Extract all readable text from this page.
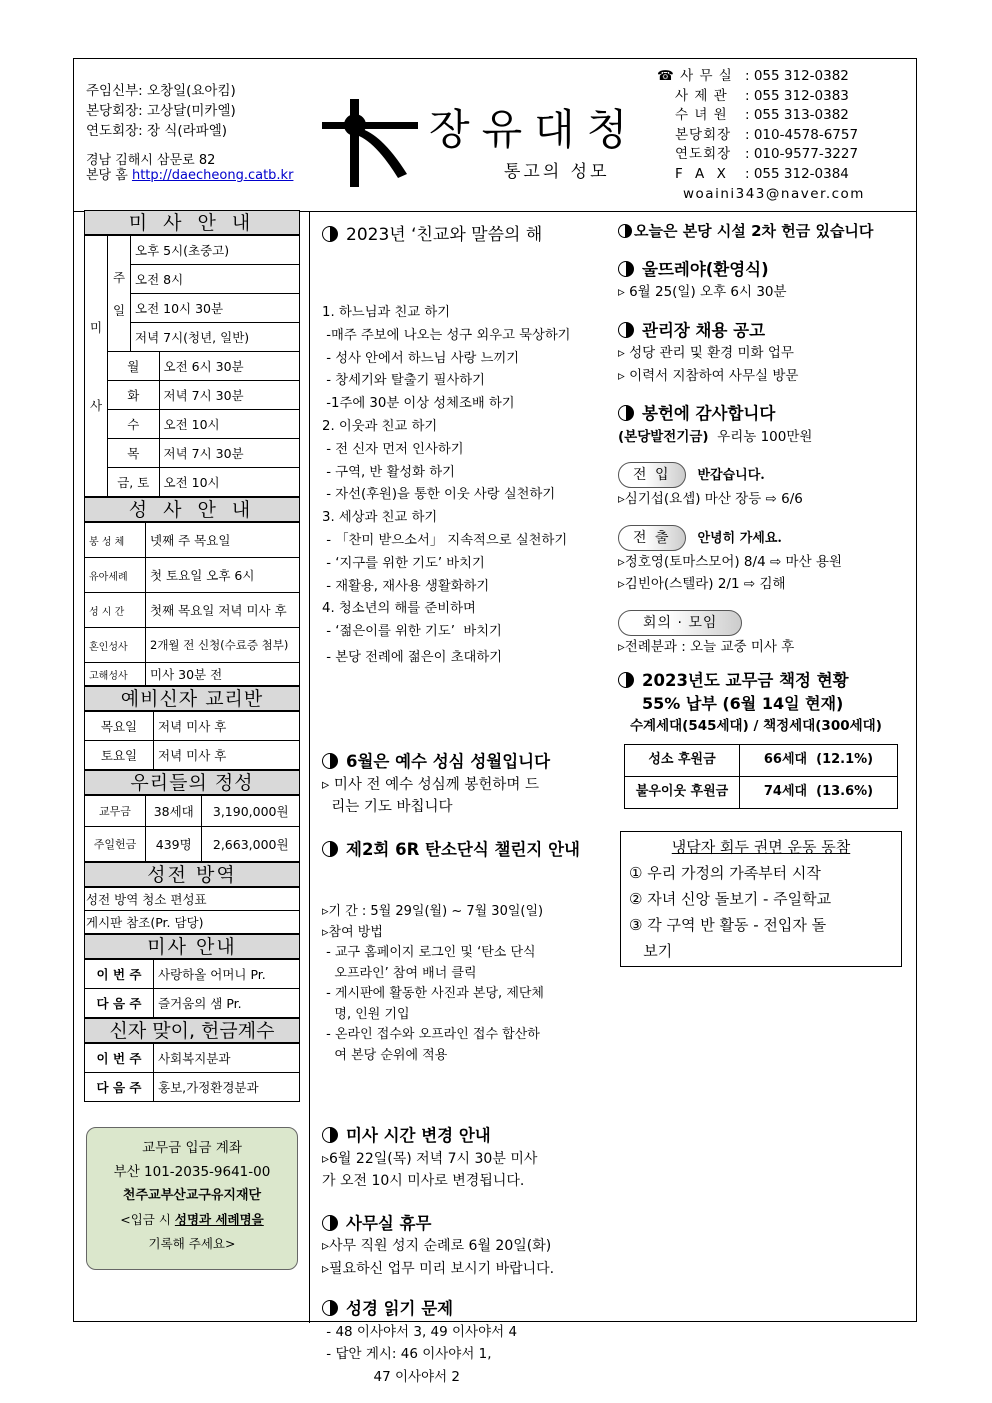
주임신부: 오창일(요아킴)
본당회장: 고상달(미카엘)
연도회장: 장 식(라파엘)
경남 김해시 삼문로 82
본당 홈 http://daecheong.catb.kr
장유대청
통고의 성모
☎ 사 무 실 : 055 312-0382
사 제 관	: 055 312-0383
수 녀 원	: 055 313-0382
본당회장	: 010-4578-6757
연도회장	: 010-9577-3227
F A X	: 055 312-0384
woaini343@naver.com
미 사 안 내
미

사	주

일	오후 5시(초중고)	
		오전 8시	
		오전 10시 30분	
		저녁 7시(청년, 일반)	
	월		오전 6시 30분
	화		저녁 7시 30분
	수		오전 10시
	목		저녁 7시 30분
	금, 토		오전 10시
성 사 안 내
봉 성 체	넷째 주 목요일
유아세례	첫 토요일 오후 6시
성 시 간	첫째 목요일 저녁 미사 후
혼인성사	2개월 전 신청(수료증 첨부)
고해성사	미사 30분 전
예비신자 교리반
목요일	저녁 미사 후
토요일	저녁 미사 후
우리들의 정성
교무금	38세대	3,190,000원
주일헌금	439명	2,663,000원
성전 방역
성전 방역 청소 편성표
게시판 참조(Pr. 담당)
미사 안내
이 번 주	사랑하올 어머니 Pr.
다 음 주	즐거움의 샘 Pr.
신자 맞이, 헌금계수
이 번 주	사회복지분과
다 음 주	홍보,가정환경분과
교무금 입금 계좌
부산 101-2035-9641-00
천주교부산교구유지재단
<입금 시 성명과 세례명을
기록해 주세요>
2023년 ‘친교와 말씀의 해

1. 하느님과 친교 하기

-매주 주보에 나오는 성구 외우고 묵상하기

- 성사 안에서 하느님 사랑 느끼기

- 창세기와 탈출기 필사하기

-1주에 30분 이상 성체조배 하기

2. 이웃과 친교 하기

- 전 신자 먼저 인사하기

- 구역, 반 활성화 하기

- 자선(후원)을 통한 이웃 사랑 실천하기

3. 세상과 친교 하기

- 「찬미 받으소서」 지속적으로 실천하기

- ‘지구를 위한 기도’ 바치기

- 재활용, 재사용 생활화하기

4. 청소년의 해를 준비하며

- ‘젊은이를 위한 기도’  바치기

- 본당 전례에 젊은이 초대하기

6월은 예수 성심 성월입니다

▹ 미사 전 예수 성심께 봉헌하며 드

리는 기도 바칩니다

제2회 6R 탄소단식 챌린지 안내

▹기 간 : 5월 29일(월) ~ 7월 30일(일)

▹참여 방법

- 교구 홈페이지 로그인 및 ‘탄소 단식

오프라인’ 참여 배너 클릭

- 게시판에 활동한 사진과 본당, 제단체

명, 인원 기입

- 온라인 접수와 오프라인 접수 합산하

여 본당 순위에 적용

미사 시간 변경 안내

▹6월 22일(목) 저녁 7시 30분 미사

가 오전 10시 미사로 변경됩니다.

사무실 휴무

▹사무 직원 성지 순례로 6월 20일(화)

▹필요하신 업무 미리 보시기 바랍니다.

성경 읽기 문제

- 48 이사야서 3, 49 이사야서 4

- 답안 게시: 46 이사야서 1,

47 이사야서 2

오늘은 본당 시설 2차 헌금 있습니다

울뜨레야(환영식)

▹ 6월 25(일) 오후 6시 30분

관리장 채용 공고

▹ 성당 관리 및 환경 미화 업무

▹ 이력서 지참하여 사무실 방문

봉헌에 감사합니다

(본당발전기금)  우리농 100만원

전 입 반갑습니다.

▹심기섭(요셉) 마산 장등 ⇨ 6/6

전 출 안녕히 가세요.

▹정호영(토마스모어) 8/4 ⇨ 마산 용원

▹김빈아(스텔라) 2/1 ⇨ 김해

회의 · 모임

▹전례분과 : 오늘 교중 미사 후

2023년도 교무금 책정 현황

55% 납부 (6월 14일 현재)

수계세대(545세대) / 책정세대(300세대)

성소 후원금	66세대  (12.1%)
불우이웃 후원금	74세대  (13.6%)
냉담자 회두 권면 운동 동참
① 우리 가정의 가족부터 시작
② 자녀 신앙 돌보기 - 주일학교
③ 각 구역 반 활동 - 전입자 돌
보기
